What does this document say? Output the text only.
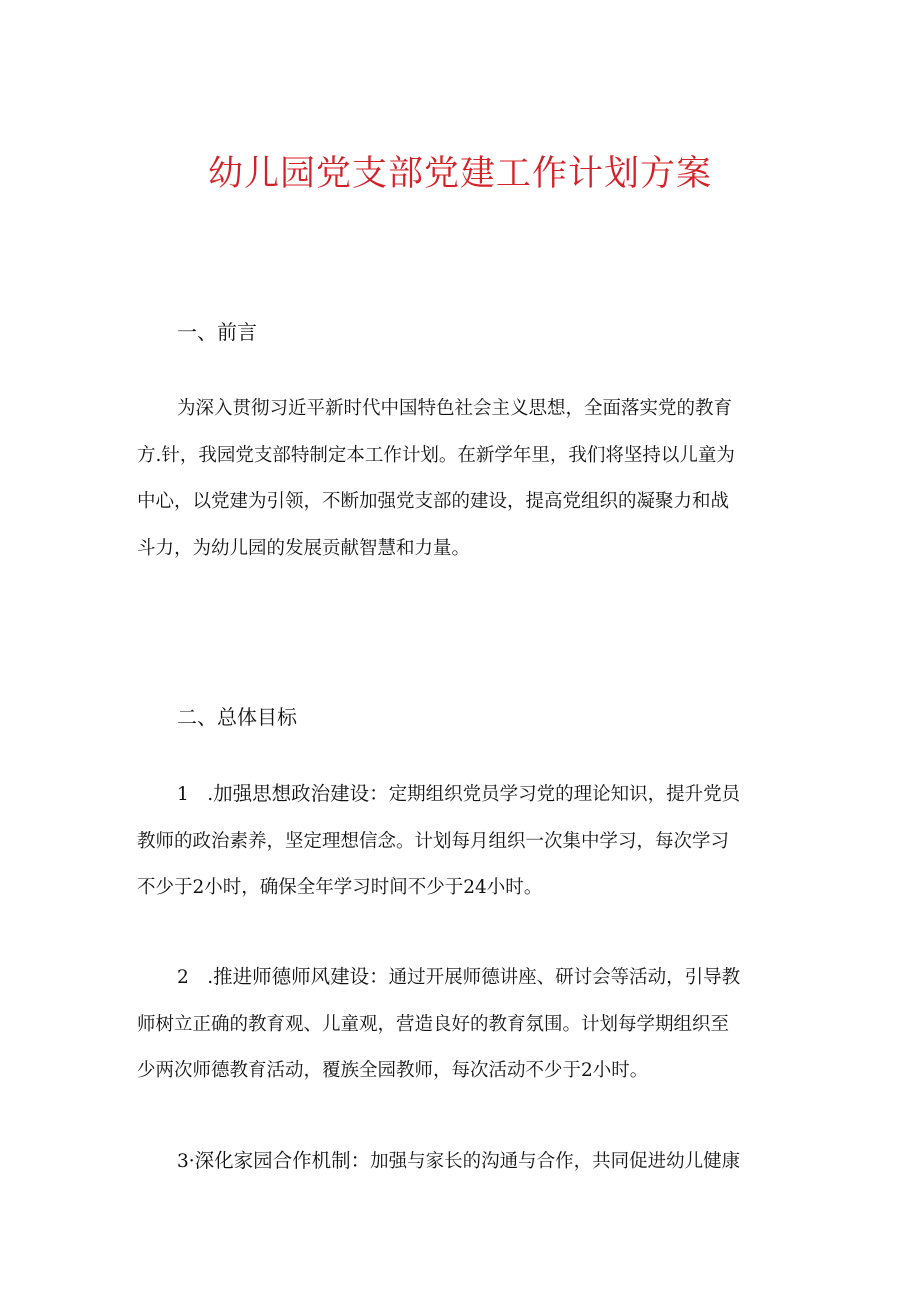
幼儿园党支部党建工作计划方案
一、前言
为深入贯彻习近平新时代中国特色社会主义思想，全面落实党的教育
方.针，我园党支部特制定本工作计划。在新学年里，我们将坚持以儿童为
中心，以党建为引领，不断加强党支部的建设，提高党组织的凝聚力和战
斗力，为幼儿园的发展贡献智慧和力量。
二、总体目标
1　.加强思想政治建设：定期组织党员学习党的理论知识，提升党员
教师的政治素养，坚定理想信念。计划每月组织一次集中学习，每次学习
不少于2小时，确保全年学习时间不少于24小时。
2　.推进师德师风建设：通过开展师德讲座、研讨会等活动，引导教
师树立正确的教育观、儿童观，营造良好的教育氛围。计划每学期组织至
少两次师德教育活动，覆族全园教师，每次活动不少于2小时。
3·深化家园合作机制：加强与家长的沟通与合作，共同促进幼儿健康
